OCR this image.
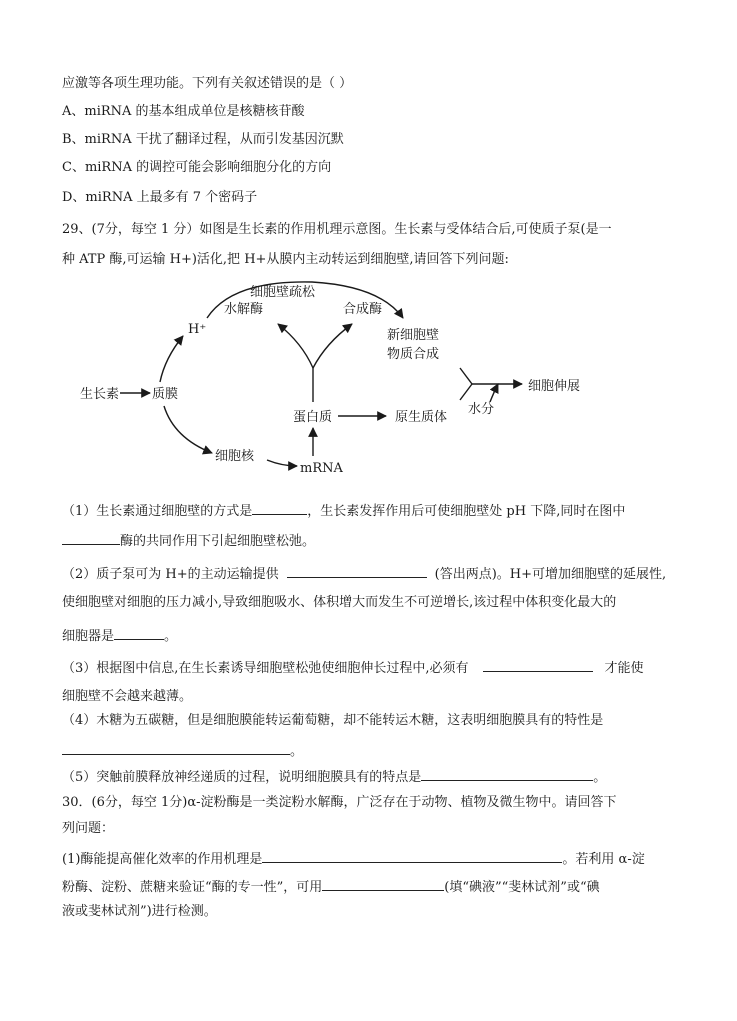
应激等各项生理功能。下列有关叙述错误的是（ ）
A、miRNA 的基本组成单位是核糖核苷酸
B、miRNA 干扰了翻译过程，从而引发基因沉默
C、miRNA 的调控可能会影响细胞分化的方向
D、miRNA 上最多有 7 个密码子
29、(7分，每空 1 分）如图是生长素的作用机理示意图。生长素与受体结合后,可使质子泵(是一
种 ATP 酶,可运输 H+)活化,把 H+从膜内主动转运到细胞壁,请回答下列问题:
生长素	质膜
H⁺
细胞壁疏松
水解酶	合成酶
新细胞壁
物质合成
细胞伸展
水分
蛋白质	原生质体
细胞核
mRNA
（1）生长素通过细胞壁的方式是	，生长素发挥作用后可使细胞壁处 pH 下降,同时在图中
酶的共同作用下引起细胞壁松弛。
（2）质子泵可为 H+的主动运输提供	(答出两点)。H+可增加细胞壁的延展性,
使细胞壁对细胞的压力减小,导致细胞吸水、体积增大而发生不可逆增长,该过程中体积变化最大的
细胞器是	。
（3）根据图中信息,在生长素诱导细胞壁松弛使细胞伸长过程中,必须有	才能使
细胞壁不会越来越薄。
（4）木糖为五碳糖，但是细胞膜能转运葡萄糖，却不能转运木糖，这表明细胞膜具有的特性是
。
（5）突触前膜释放神经递质的过程，说明细胞膜具有的特点是	。
30．(6分，每空 1分)α-淀粉酶是一类淀粉水解酶，广泛存在于动物、植物及微生物中。请回答下
列问题：
(1)酶能提高催化效率的作用机理是	。若利用 α-淀
粉酶、淀粉、蔗糖来验证“酶的专一性”，可用	(填“碘液”“斐林试剂”或“碘
液或斐林试剂”)进行检测。
